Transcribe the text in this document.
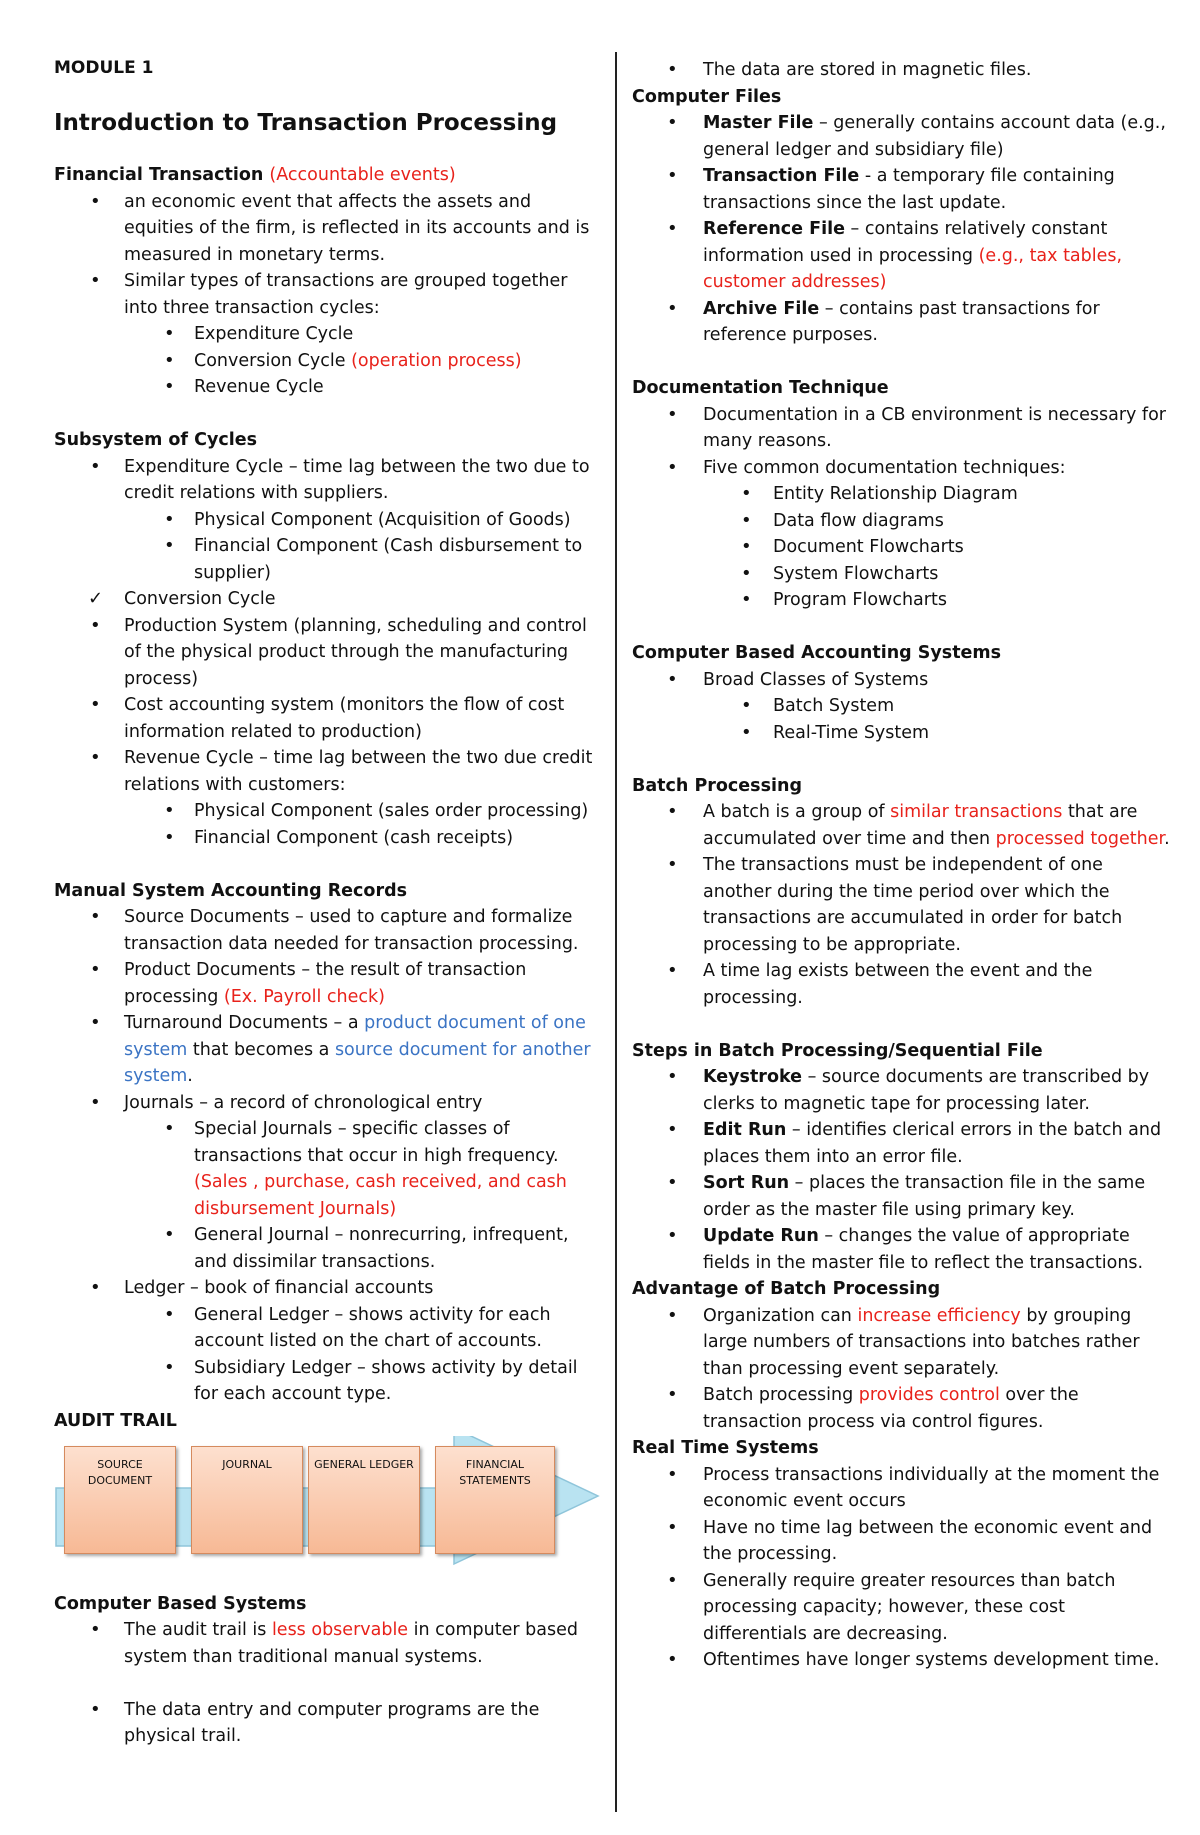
MODULE 1
Introduction to Transaction Processing
Financial Transaction (Accountable events)
• an economic event that affects the assets and equities of the firm, is reflected in its accounts and is measured in monetary terms.
• Similar types of transactions are grouped together into three transaction cycles:
• Expenditure Cycle
• Conversion Cycle (operation process)
• Revenue Cycle
Subsystem of Cycles
• Expenditure Cycle – time lag between the two due to credit relations with suppliers.
• Physical Component (Acquisition of Goods)
• Financial Component (Cash disbursement to supplier)
✓ Conversion Cycle
• Production System (planning, scheduling and control of the physical product through the manufacturing process)
• Cost accounting system (monitors the flow of cost information related to production)
• Revenue Cycle – time lag between the two due credit relations with customers:
• Physical Component (sales order processing)
• Financial Component (cash receipts)
Manual System Accounting Records
• Source Documents – used to capture and formalize transaction data needed for transaction processing.
• Product Documents – the result of transaction processing (Ex. Payroll check)
• Turnaround Documents – a product document of one system that becomes a source document for another system.
• Journals – a record of chronological entry
• Special Journals – specific classes of transactions that occur in high frequency. (Sales , purchase, cash received, and cash disbursement Journals)
• General Journal – nonrecurring, infrequent, and dissimilar transactions.
• Ledger – book of financial accounts
• General Ledger – shows activity for each account listed on the chart of accounts.
• Subsidiary Ledger – shows activity by detail for each account type.
AUDIT TRAIL
SOURCE DOCUMENT
JOURNAL	GENERAL LEDGER	FINANCIAL STATEMENTS
Computer Based Systems
• The audit trail is less observable in computer based system than traditional manual systems.
• The data entry and computer programs are the physical trail.
• The data are stored in magnetic files.
Computer Files
• Master File – generally contains account data (e.g., general ledger and subsidiary file)
• Transaction File - a temporary file containing transactions since the last update.
• Reference File – contains relatively constant information used in processing (e.g., tax tables, customer addresses)
• Archive File – contains past transactions for reference purposes.
Documentation Technique
• Documentation in a CB environment is necessary for many reasons.
• Five common documentation techniques:
• Entity Relationship Diagram
• Data flow diagrams
• Document Flowcharts
• System Flowcharts
• Program Flowcharts
Computer Based Accounting Systems
• Broad Classes of Systems
• Batch System
• Real-Time System
Batch Processing
• A batch is a group of similar transactions that are accumulated over time and then processed together.
• The transactions must be independent of one another during the time period over which the transactions are accumulated in order for batch processing to be appropriate.
• A time lag exists between the event and the processing.
Steps in Batch Processing/Sequential File
• Keystroke – source documents are transcribed by clerks to magnetic tape for processing later.
• Edit Run – identifies clerical errors in the batch and places them into an error file.
• Sort Run – places the transaction file in the same order as the master file using primary key.
• Update Run – changes the value of appropriate fields in the master file to reflect the transactions.
Advantage of Batch Processing
• Organization can increase efficiency by grouping large numbers of transactions into batches rather than processing event separately.
• Batch processing provides control over the transaction process via control figures.
Real Time Systems
• Process transactions individually at the moment the economic event occurs
• Have no time lag between the economic event and the processing.
• Generally require greater resources than batch processing capacity; however, these cost differentials are decreasing.
• Oftentimes have longer systems development time.
